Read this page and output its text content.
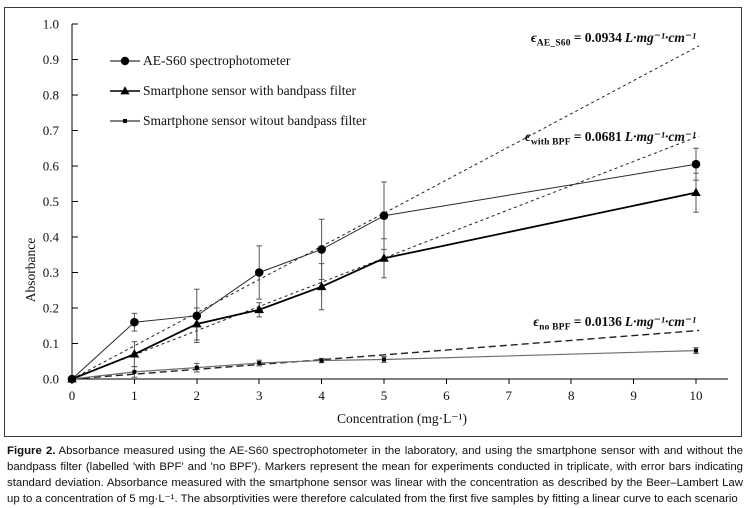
0.0
0.1
0.2
0.3
0.4
0.5
0.6
0.7
0.8
0.9
1.0
0	1	2	3	4	5	6	7	8	9	10
Absorbance
Concentration (mg·L⁻¹)
AE-S60 spectrophotometer
Smartphone sensor with bandpass filter
Smartphone sensor witout bandpass filter
$\epsilon_{AE\_S60} = 0.0934$ L·mg⁻¹·cm⁻¹
$\epsilon_{with BPF} = 0.0681$ L·mg⁻¹·cm⁻¹
$\epsilon_{no BPF} = 0.0136$ L·mg⁻¹·cm⁻¹

Figure 2. Absorbance measured using the AE-S60 spectrophotometer in the laboratory, and using the smartphone sensor with and without the bandpass filter (labelled 'with BPF' and 'no BPF'). Markers represent the mean for experiments conducted in triplicate, with error bars indicating standard deviation. Absorbance measured with the smartphone sensor was linear with the concentration as described by the Beer–Lambert Law up to a concentration of 5 mg·L⁻¹. The absorptivities were therefore calculated from the first five samples by fitting a linear curve to each scenario
